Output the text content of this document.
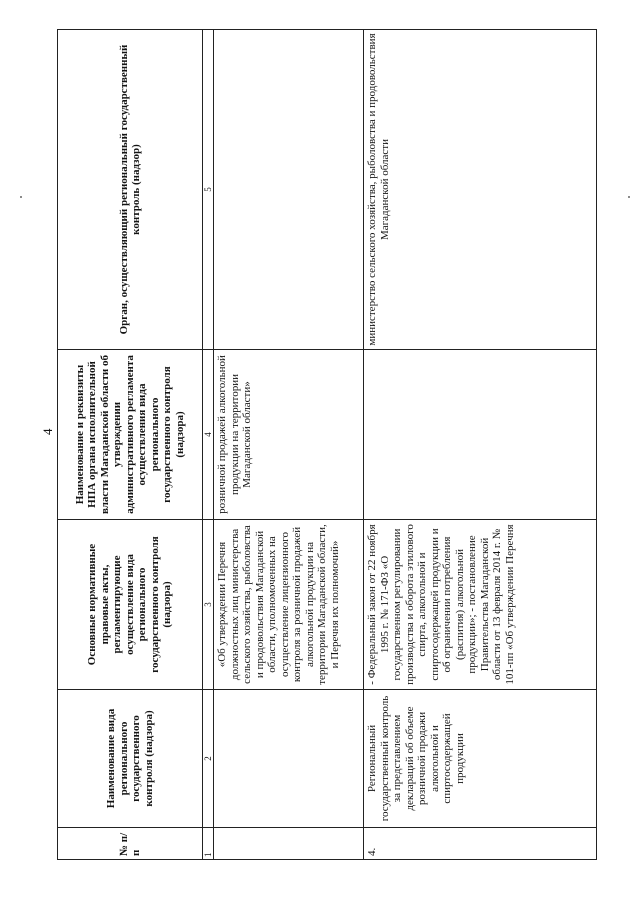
4
№ п/п	Наименование вида регионального государственного контроля (надзора)	Основные нормативные правовые акты, регламентирующие осуществление вида регионального государственного контроля (надзора)	Наименование и реквизиты НПА органа исполнительной власти Магаданской области об утверждении административного регламента осуществления вида регионального государственного контроля (надзора)	Орган, осуществляющий региональный государственный контроль (надзор)
1	2	3	4	5
		«Об утверждении Перечня должностных лиц министерства сельского хозяйства, рыболовства и продовольствия Магаданской области, уполномоченных на осуществление лицензионного контроля за розничной продажей алкогольной продукции на территории Магаданской области, и Перечня их полномочий»	розничной продажей алкогольной продукции на территории Магаданской области»	
4.	Региональный государственный контроль за представлением деклараций об объеме розничной продажи алкогольной и спиртосодержащей продукции	- Федеральный закон от 22 ноября 1995 г. № 171-ФЗ «О государственном регулировании производства и оборота этилового спирта, алкогольной и спиртосодержащей продукции и об ограничении потребления (распития) алкогольной продукции»; - постановление Правительства Магаданской области от 13 февраля 2014 г. № 101-пп «Об утверждении Перечня		министерство сельского хозяйства, рыболовства и продовольствия Магаданской области
